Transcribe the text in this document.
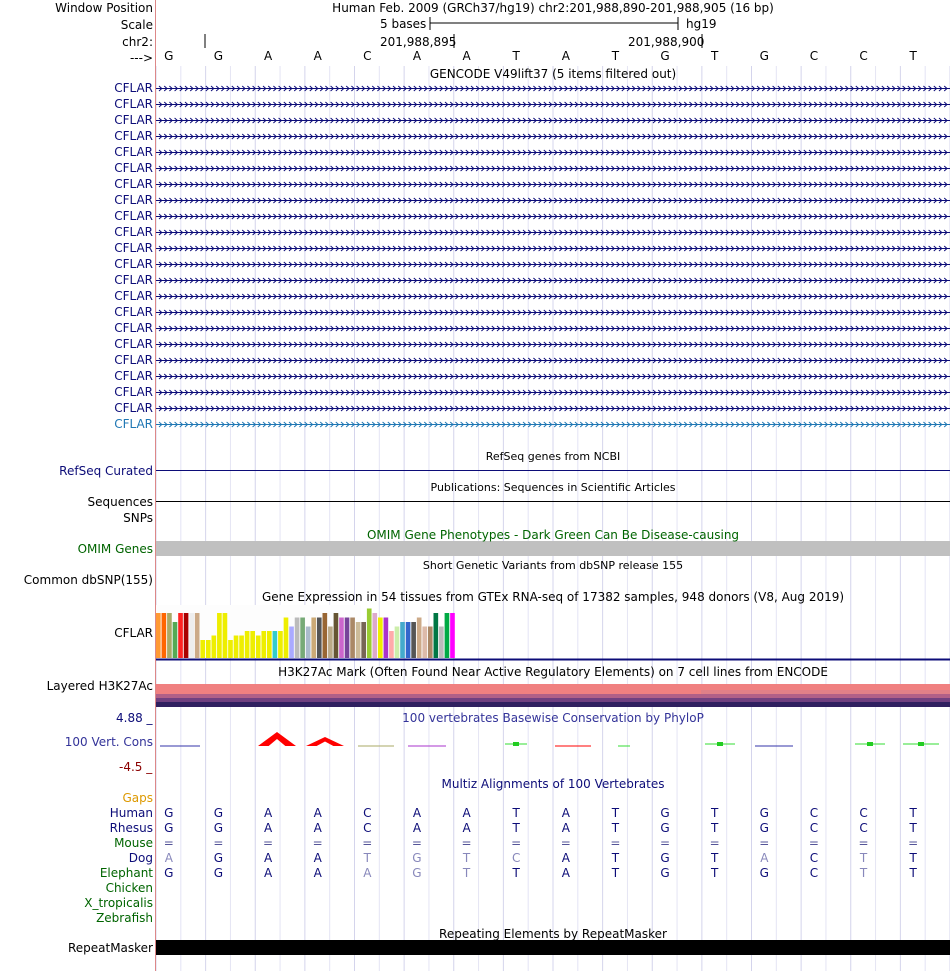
Window Position
Scale
chr2:
--->
Human Feb. 2009 (GRCh37/hg19) chr2:201,988,890-201,988,905 (16 bp)
5 bases	hg19
201,988,895	201,988,900
G	G	A	A	C	A	A	T	A	T	G	T	G	C	C	T
GENCODE V49lift37 (5 items filtered out)
CFLAR
CFLAR
CFLAR
CFLAR
CFLAR
CFLAR
CFLAR
CFLAR
CFLAR
CFLAR
CFLAR
CFLAR
CFLAR
CFLAR
CFLAR
CFLAR
CFLAR
CFLAR
CFLAR
CFLAR
CFLAR
CFLAR
RefSeq Curated
RefSeq genes from NCBI
Sequences
Publications: Sequences in Scientific Articles
SNPs
OMIM Gene Phenotypes - Dark Green Can Be Disease-causing
OMIM Genes
Short Genetic Variants from dbSNP release 155
Common dbSNP(155)
Gene Expression in 54 tissues from GTEx RNA-seq of 17382 samples, 948 donors (V8, Aug 2019)
CFLAR
H3K27Ac Mark (Often Found Near Active Regulatory Elements) on 7 cell lines from ENCODE
Layered H3K27Ac
4.88 _	100 vertebrates Basewise Conservation by PhyloP
100 Vert. Cons
-4.5 _
Multiz Alignments of 100 Vertebrates
Gaps
Human G	G	A	A	C	A	A	T	A	T	G	T	G	C	C	T
Rhesus G	G	A	A	C	A	A	T	A	T	G	T	G	C	C	T
Mouse =	=	=	=	=	=	=	=	=	=	=	=	=	=	=	=
Dog A	G	A	A	T	G	T	C	A	T	G	T	A	C	T	T
Elephant G	G	A	A	A	G	T	T	A	T	G	T	G	C	T	T
Chicken
X_tropicalis
Zebrafish
Repeating Elements by RepeatMasker
RepeatMasker
